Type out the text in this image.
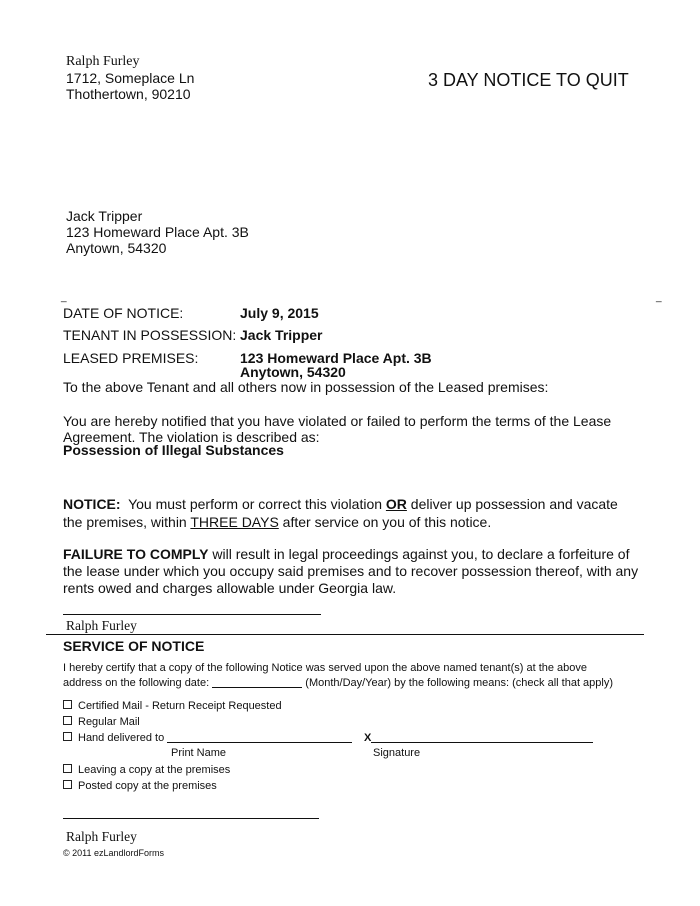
Ralph Furley
1712, Someplace Ln
Thothertown, 90210
3 DAY NOTICE TO QUIT
Jack Tripper
123 Homeward Place Apt. 3B
Anytown, 54320
_	_
DATE OF NOTICE:	July 9, 2015
TENANT IN POSSESSION: Jack Tripper
LEASED PREMISES:	123 Homeward Place Apt. 3B
Anytown, 54320
To the above Tenant and all others now in possession of the Leased premises:
You are hereby notified that you have violated or failed to perform the terms of the Lease
Agreement. The violation is described as:
Possession of Illegal Substances
NOTICE:  You must perform or correct this violation OR deliver up possession and vacate
the premises, within THREE DAYS after service on you of this notice.
FAILURE TO COMPLY will result in legal proceedings against you, to declare a forfeiture of
the lease under which you occupy said premises and to recover possession thereof, with any
rents owed and charges allowable under Georgia law.
Ralph Furley
SERVICE OF NOTICE
I hereby certify that a copy of the following Notice was served upon the above named tenant(s) at the above
address on the following date:	(Month/Day/Year) by the following means: (check all that apply)
Certified Mail - Return Receipt Requested
Regular Mail
Hand delivered to	X
Print Name	Signature
Leaving a copy at the premises
Posted copy at the premises
Ralph Furley
© 2011 ezLandlordForms
